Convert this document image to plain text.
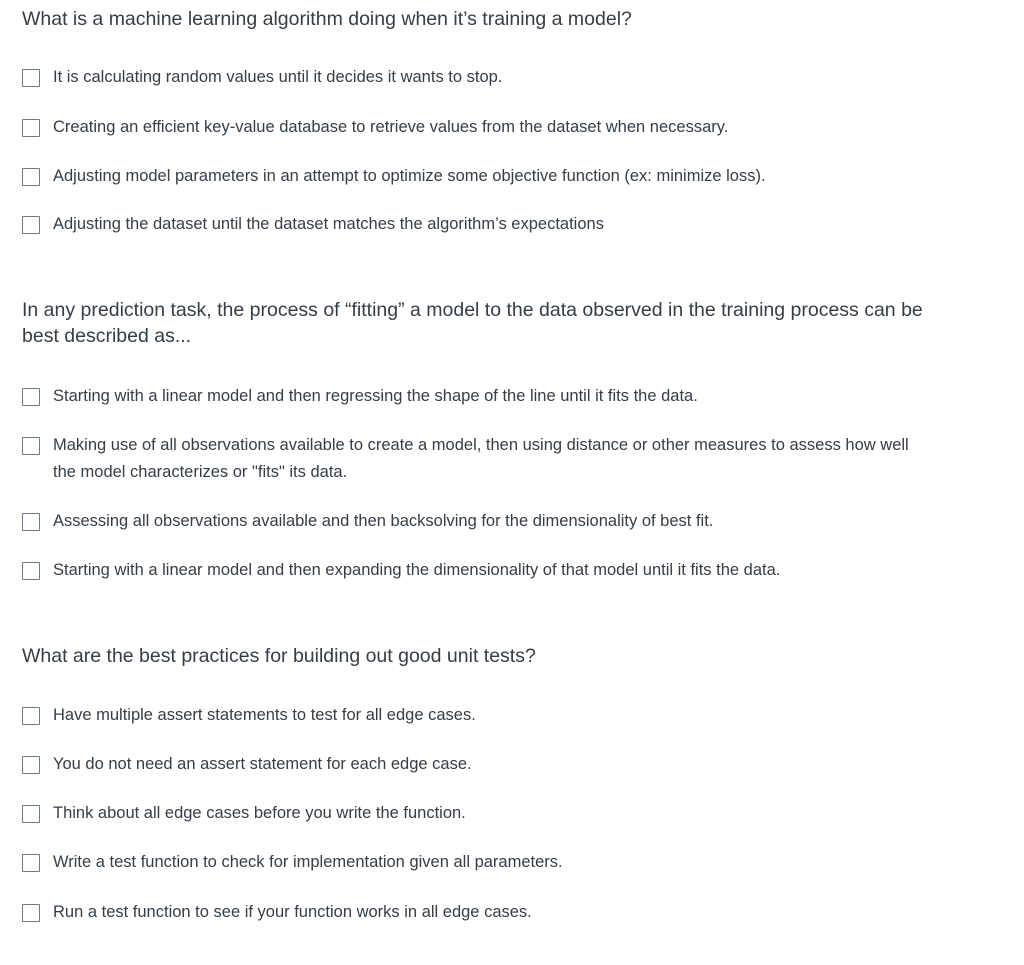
What is a machine learning algorithm doing when it’s training a model?
It is calculating random values until it decides it wants to stop.
Creating an efficient key-value database to retrieve values from the dataset when necessary.
Adjusting model parameters in an attempt to optimize some objective function (ex: minimize loss).
Adjusting the dataset until the dataset matches the algorithm’s expectations
In any prediction task, the process of “fitting” a model to the data observed in the training process can be best described as...
Starting with a linear model and then regressing the shape of the line until it fits the data.
Making use of all observations available to create a model, then using distance or other measures to assess how well the model characterizes or "fits" its data.
Assessing all observations available and then backsolving for the dimensionality of best fit.
Starting with a linear model and then expanding the dimensionality of that model until it fits the data.
What are the best practices for building out good unit tests?
Have multiple assert statements to test for all edge cases.
You do not need an assert statement for each edge case.
Think about all edge cases before you write the function.
Write a test function to check for implementation given all parameters.
Run a test function to see if your function works in all edge cases.
